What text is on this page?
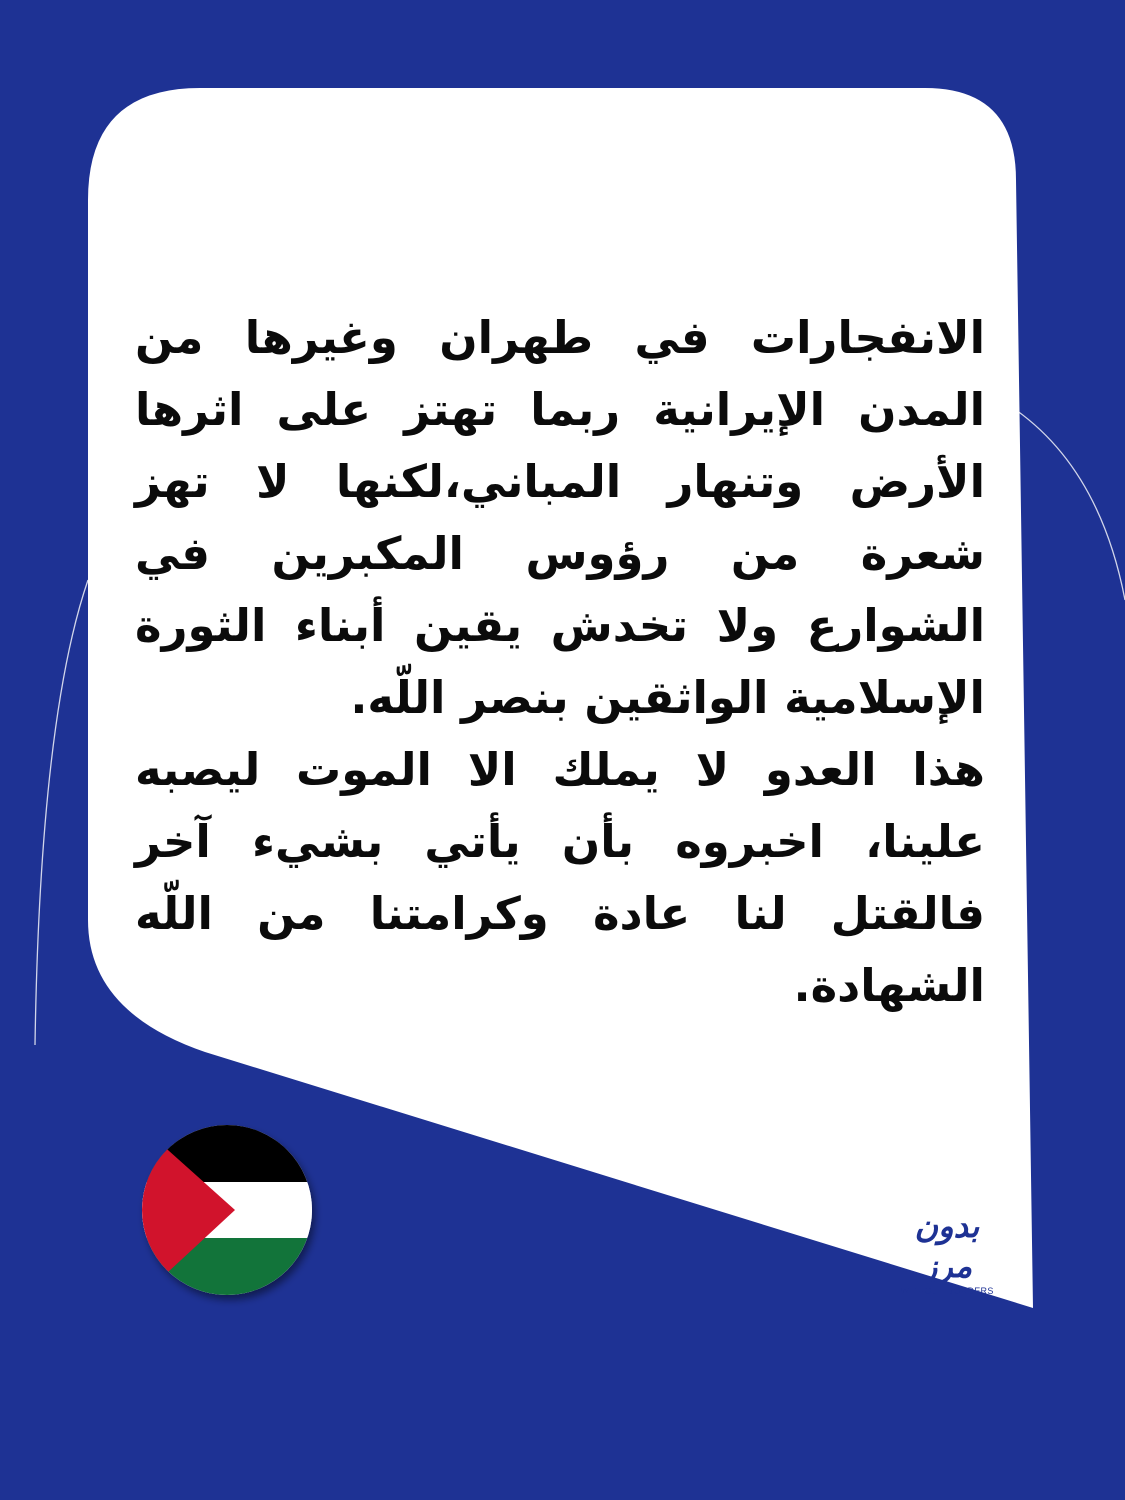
الانفجارات في طهران وغيرها من المدن الإيرانية ربما تهتز على اثرها الأرض وتنهار المباني،لكنها لا تهز شعرة من رؤوس المكبرين في الشوارع ولا تخدش يقين أبناء الثورة الإسلامية الواثقين بنصر اللّه.

هذا العدو لا يملك الا الموت ليصبه علينا، اخبروه بأن يأتي بشيء آخر فالقتل لنا عادة وكرامتنا من اللّه الشهادة.

بدون مرز
WITHOUT BORDERS
